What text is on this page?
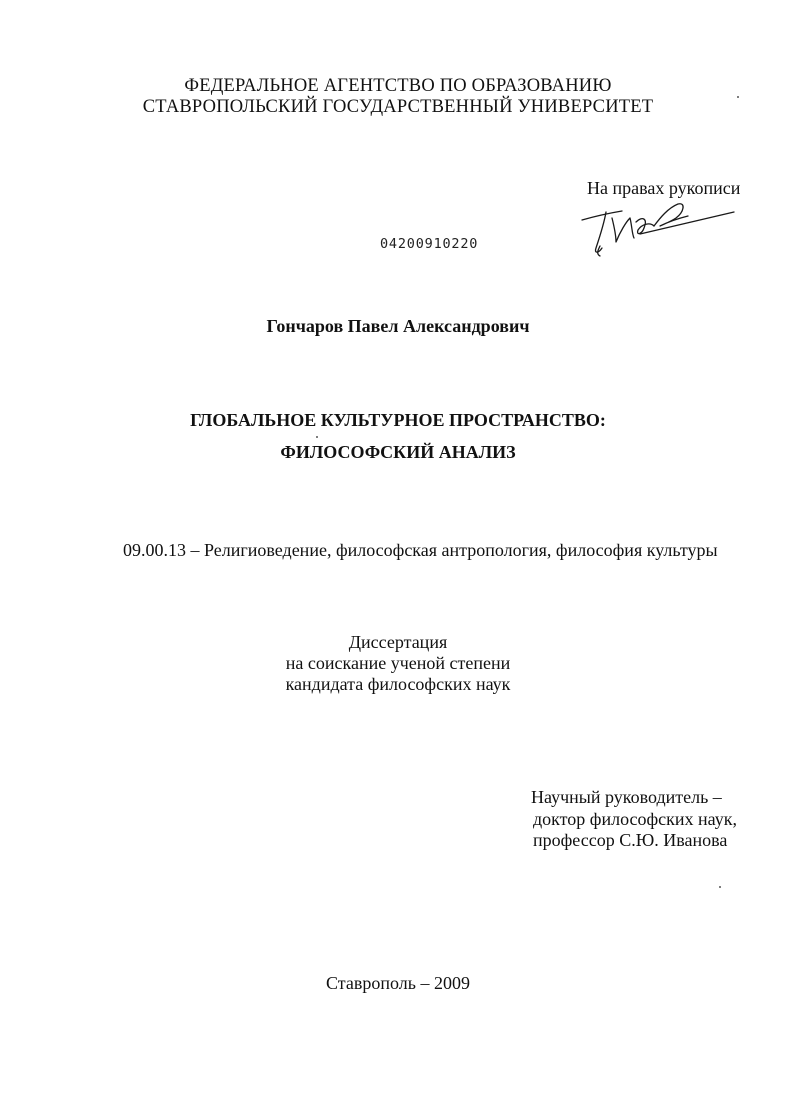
ФЕДЕРАЛЬНОЕ АГЕНТСТВО ПО ОБРАЗОВАНИЮ
СТАВРОПОЛЬСКИЙ ГОСУДАРСТВЕННЫЙ УНИВЕРСИТЕТ
На правах рукописи
04200910220
Гончаров Павел Александрович
ГЛОБАЛЬНОЕ КУЛЬТУРНОЕ ПРОСТРАНСТВО:
ФИЛОСОФСКИЙ АНАЛИЗ
09.00.13 – Религиоведение, философская антропология, философия культуры
Диссертация
на соискание ученой степени
кандидата философских наук
Научный руководитель –
доктор философских наук,
профессор С.Ю. Иванова
Ставрополь – 2009
